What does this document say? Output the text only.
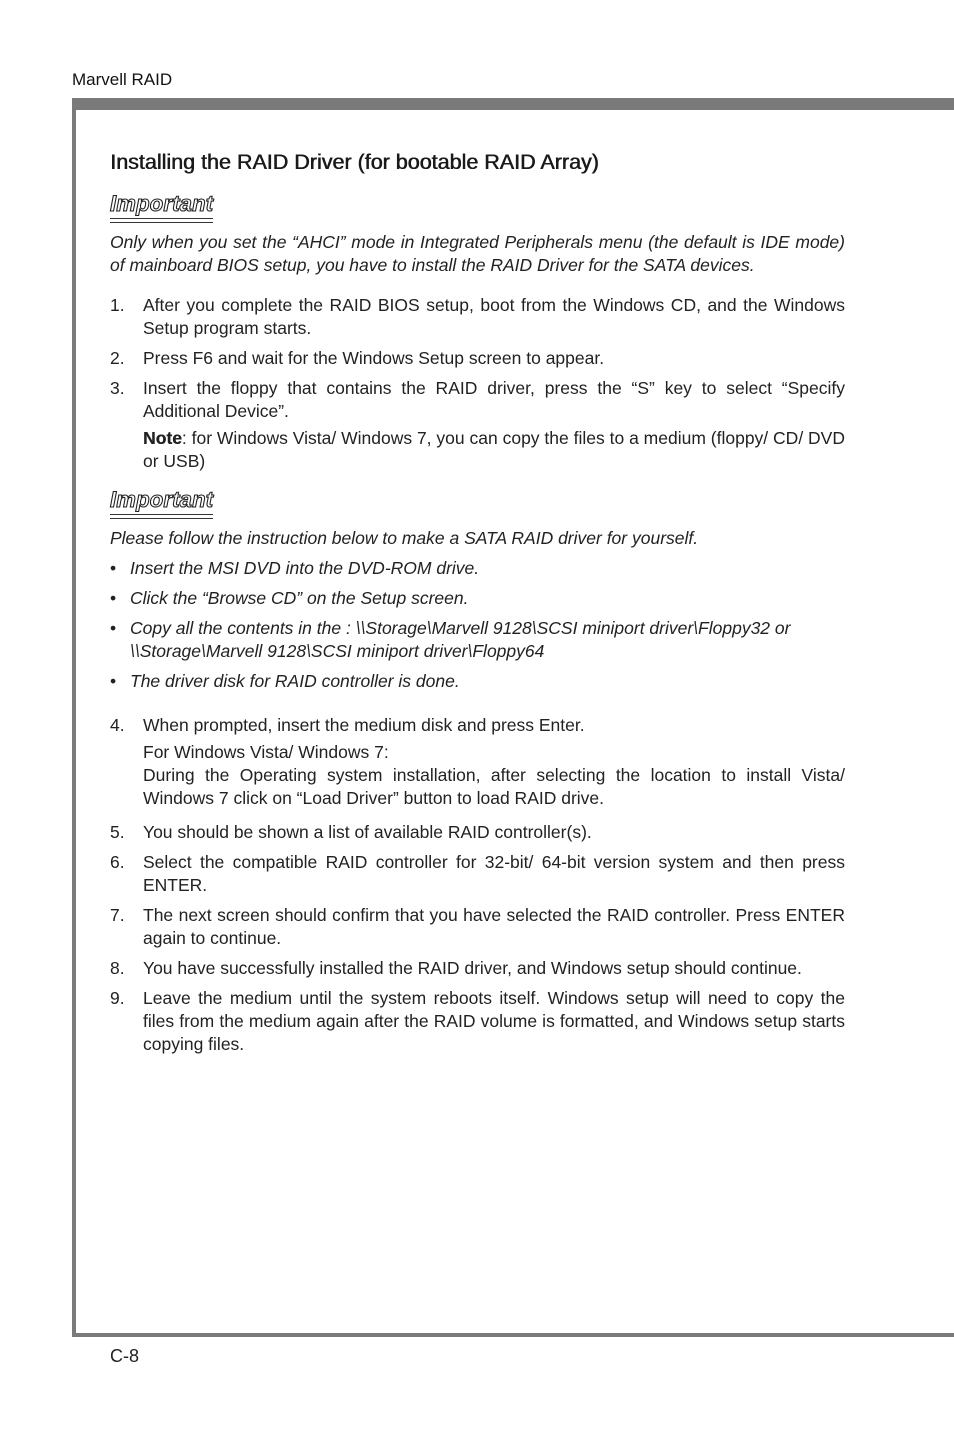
Marvell RAID
C-8
Installing the RAID Driver (for bootable RAID Array)
Important

Only when you set the “AHCI” mode in Integrated Peripherals menu (the default is IDE mode) of mainboard BIOS setup, you have to install the RAID Driver for the SATA devices.

1. After you complete the RAID BIOS setup, boot from the Windows CD, and the Windows Setup program starts.

2. Press F6 and wait for the Windows Setup screen to appear.

3. Insert the floppy that contains the RAID driver, press the “S” key to select “Specify Additional Device”.

Note: for Windows Vista/ Windows 7, you can copy the files to a medium (floppy/ CD/ DVD or USB)

Important

Please follow the instruction below to make a SATA RAID driver for yourself.

• Insert the MSI DVD into the DVD-ROM drive.
• Click the “Browse CD” on the Setup screen.
• Copy all the contents in the : \\Storage\Marvell 9128\SCSI miniport driver\Floppy32 or \\Storage\Marvell 9128\SCSI miniport driver\Floppy64
• The driver disk for RAID controller is done.
4. When prompted, insert the medium disk and press Enter.

For Windows Vista/ Windows 7:

During the Operating system installation, after selecting the location to install Vista/ Windows 7 click on “Load Driver” button to load RAID drive.

5. You should be shown a list of available RAID controller(s).

6. Select the compatible RAID controller for 32-bit/ 64-bit version system and then press ENTER.

7. The next screen should confirm that you have selected the RAID controller. Press ENTER again to continue.

8. You have successfully installed the RAID driver, and Windows setup should continue.

9. Leave the medium until the system reboots itself. Windows setup will need to copy the files from the medium again after the RAID volume is formatted, and Windows setup starts copying files.
